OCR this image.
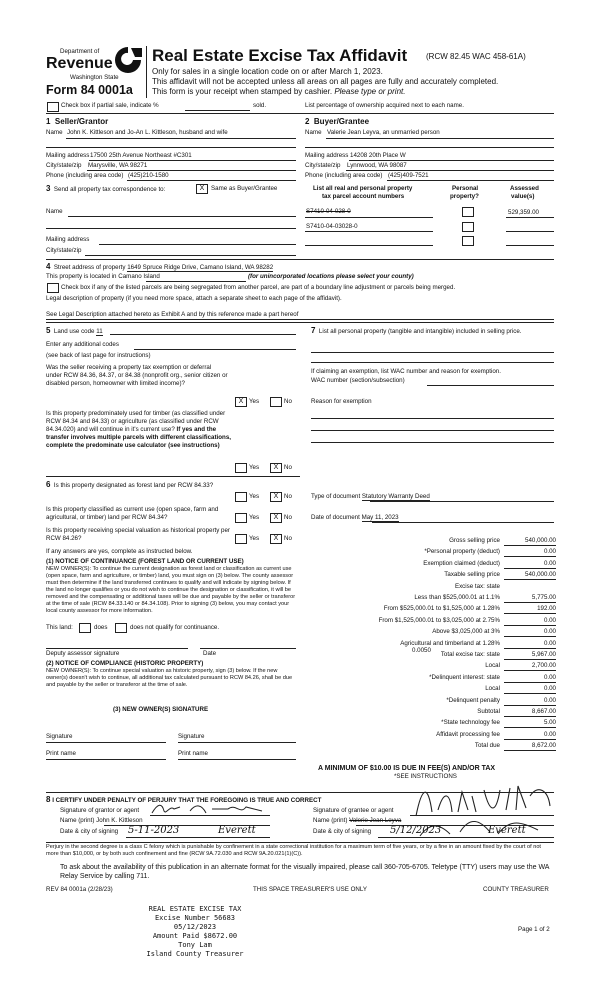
Department of
Revenue
Washington State
Form 84 0001a
Real Estate Excise Tax Affidavit (RCW 82.45 WAC 458-61A)
Only for sales in a single location code on or after March 1, 2023.
This affidavit will not be accepted unless all areas on all pages are fully and accurately completed.
This form is your receipt when stamped by cashier. Please type or print.
Check box if partial sale, indicate %	sold.	List percentage of ownership acquired next to each name.
1 Seller/Grantor
Name John K. Kittleson and Jo-An L. Kittleson, husband and wife
Mailing address 17500 25th Avenue Northeast #C301
City/state/zip Marysville, WA 98271
Phone (including area code) (425)210-1580
2 Buyer/Grantee
Name Valerie Jean Leyva, an unmarried person
Mailing address 14208 20th Place W
City/state/zip Lynnwood, WA 98087
Phone (including area code) (425)409-7521
3 Send all property tax correspondence to:	X	Same as Buyer/Grantee
Name
Mailing address
City/state/zip
List all real and personal property
tax parcel account numbers
Personal
property?
Assessed
value(s)
S7410-04-028-0	529,359.00
S7410-04-03028-0
4 Street address of property 1649 Spruce Ridge Drive, Camano Island, WA 98282
This property is located in Camano Island	(for unincorporated locations please select your county)
Check box if any of the listed parcels are being segregated from another parcel, are part of a boundary line adjustment or parcels being merged.
Legal description of property (if you need more space, attach a separate sheet to each page of the affidavit).
See Legal Description attached hereto as Exhibit A and by this reference made a part hereof
5 Land use code 11
Enter any additional codes
(see back of last page for instructions)
Was the seller receiving a property tax exemption or deferral under RCW 84.36, 84.37, or 84.38 (nonprofit org., senior citizen or disabled person, homeowner with limited income)?
X Yes	No
Is this property predominately used for timber (as classified under RCW 84.34 and 84.33) or agriculture (as classified under RCW 84.34.020) and will continue in it's current use? If yes and the transfer involves multiple parcels with different classifications, complete the predominate use calculator (see instructions)
Yes	X No
7 List all personal property (tangible and intangible) included in selling price.
If claiming an exemption, list WAC number and reason for exemption.
WAC number (section/subsection)
Reason for exemption
6 Is this property designated as forest land per RCW 84.33?
Yes	X No
Is this property classified as current use (open space, farm and agricultural, or timber) land per RCW 84.34?	Yes	X No
Is this property receiving special valuation as historical property per RCW 84.26?	Yes	X No
If any answers are yes, complete as instructed below.
(1) NOTICE OF CONTINUANCE (FOREST LAND OR CURRENT USE)
NEW OWNER(S): To continue the current designation as forest land or classification as current use (open space, farm and agriculture, or timber) land, you must sign on (3) below. The county assessor must then determine if the land transferred continues to qualify and will indicate by signing below. If the land no longer qualifies or you do not wish to continue the designation or classification, it will be removed and the compensating or additional taxes will be due and payable by the seller or transferor at the time of sale (RCW 84.33.140 or 84.34.108). Prior to signing (3) below, you may contact your local county assessor for more information.
This land:	does	does not qualify for continuance.
Deputy assessor signature	Date
(2) NOTICE OF COMPLIANCE (HISTORIC PROPERTY)
NEW OWNER(S): To continue special valuation as historic property, sign (3) below. If the new owner(s) doesn't wish to continue, all additional tax calculated pursuant to RCW 84.26, shall be due and payable by the seller or transferor at the time of sale.
(3) NEW OWNER(S) SIGNATURE
Signature	Signature
Print name	Print name
Type of document Statutory Warranty Deed
Date of document May 11, 2023
Gross selling price	540,000.00
*Personal property (deduct)	0.00
Exemption claimed (deduct)	0.00
Taxable selling price	540,000.00
Excise tax: state
Less than $525,000.01 at 1.1%	5,775.00
From $525,000.01 to $1,525,000 at 1.28%	192.00
From $1,525,000.01 to $3,025,000 at 2.75%	0.00
Above $3,025,000 at 3%	0.00
Agricultural and timberland at 1.28%	0.00
Total excise tax: state	5,967.00
Local	2,700.00
*Delinquent interest: state	0.00
Local	0.00
*Delinquent penalty	0.00
Subtotal	8,667.00
*State technology fee	5.00
Affidavit processing fee	0.00
Total due	8,672.00
0.0050
A MINIMUM OF $10.00 IS DUE IN FEE(S) AND/OR TAX
*SEE INSTRUCTIONS
8 I CERTIFY UNDER PENALTY OF PERJURY THAT THE FOREGOING IS TRUE AND CORRECT
Signature of grantor or agent
Name (print) John K. Kittleson
Date & city of signing 5-11-2023	Everett
Signature of grantee or agent
Name (print) Valerie Jean Leyva
Date & city of signing 5/12/2023	Everett
Perjury in the second degree is a class C felony which is punishable by confinement in a state correctional institution for a maximum term of five years, or by a fine in an amount fixed by the court of not more than $10,000, or by both such confinement and fine (RCW 9A.72.030 and RCW 9A.20.021(1)(C)).
To ask about the availability of this publication in an alternate format for the visually impaired, please call 360-705-6705. Teletype (TTY) users may use the WA Relay Service by calling 711.
REV 84 0001a (2/28/23)	THIS SPACE TREASURER'S USE ONLY	COUNTY TREASURER
REAL ESTATE EXCISE TAX
Excise Number 56683
05/12/2023
Amount Paid $8672.00
Tony Lam
Island County Treasurer
Page 1 of 2
